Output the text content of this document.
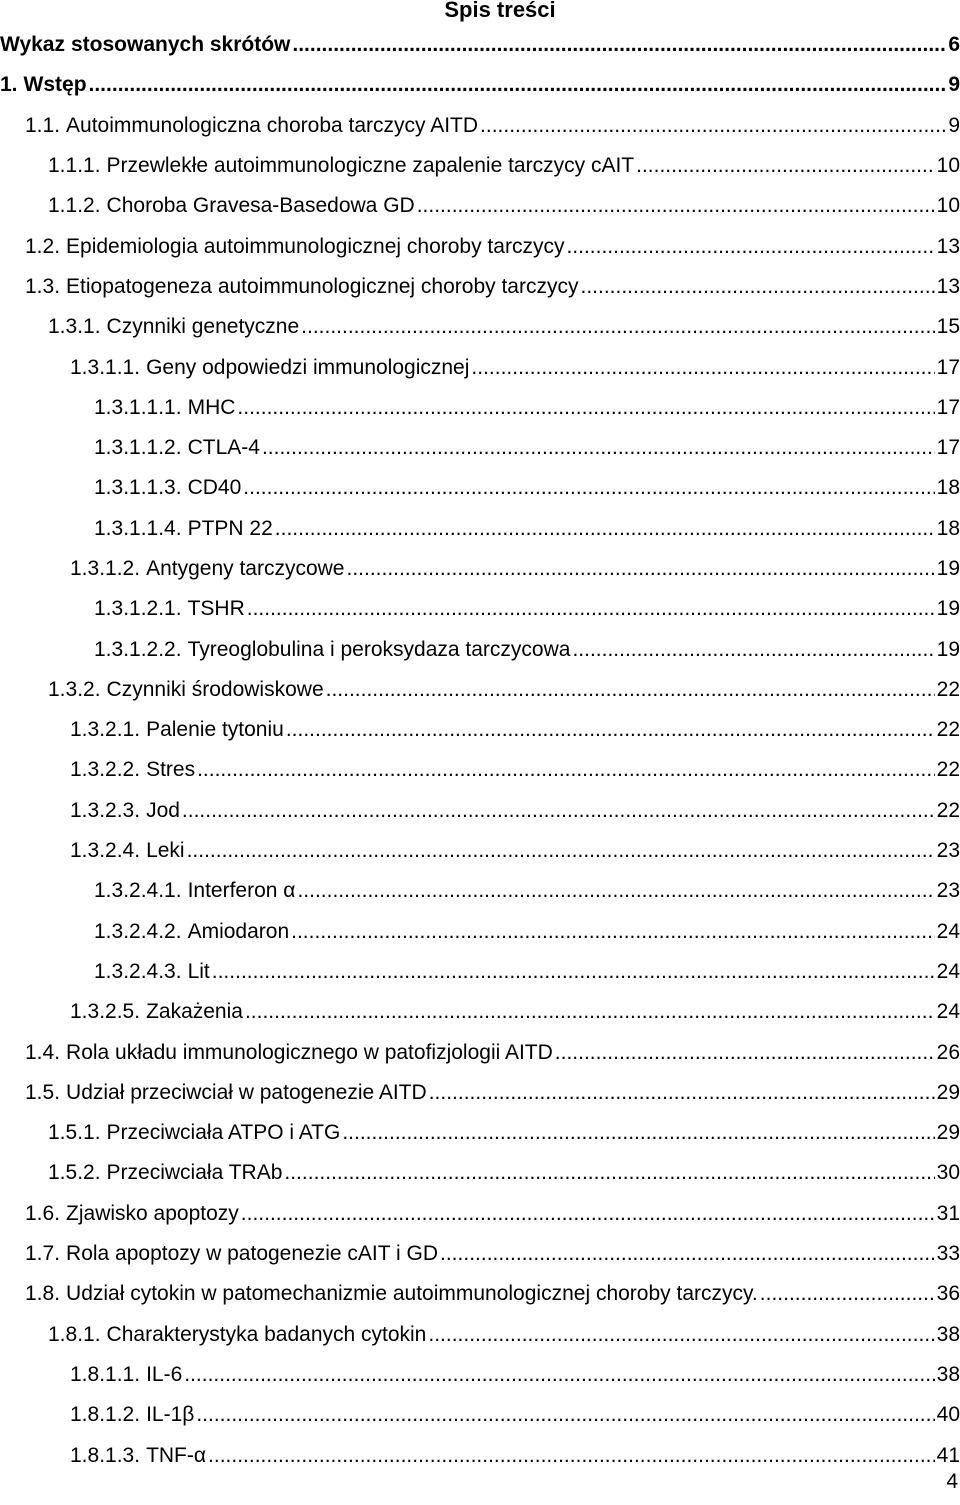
Spis treści
Wykaz stosowanych skrótów .....	6
1. Wstęp .....	9
1.1. Autoimmunologiczna choroba tarczycy AITD .....	9
1.1.1. Przewlekłe autoimmunologiczne zapalenie tarczycy cAIT .....	10
1.1.2. Choroba Gravesa-Basedowa GD .....	10
1.2. Epidemiologia autoimmunologicznej choroby tarczycy .....	13
1.3. Etiopatogeneza autoimmunologicznej choroby tarczycy .....	13
1.3.1. Czynniki genetyczne .....	15
1.3.1.1. Geny odpowiedzi immunologicznej .....	17
1.3.1.1.1. MHC .....	17
1.3.1.1.2. CTLA-4 .....	17
1.3.1.1.3. CD40 .....	18
1.3.1.1.4. PTPN 22 .....	18
1.3.1.2. Antygeny tarczycowe .....	19
1.3.1.2.1. TSHR .....	19
1.3.1.2.2. Tyreoglobulina i peroksydaza tarczycowa .....	19
1.3.2. Czynniki środowiskowe .....	22
1.3.2.1. Palenie tytoniu .....	22
1.3.2.2. Stres .....	22
1.3.2.3. Jod .....	22
1.3.2.4. Leki .....	23
1.3.2.4.1. Interferon α .....	23
1.3.2.4.2. Amiodaron .....	24
1.3.2.4.3. Lit .....	24
1.3.2.5. Zakażenia .....	24
1.4. Rola układu immunologicznego w patofizjologii AITD .....	26
1.5. Udział przeciwciał w patogenezie AITD .....	29
1.5.1. Przeciwciała ATPO i ATG .....	29
1.5.2. Przeciwciała TRAb .....	30
1.6. Zjawisko apoptozy .....	31
1.7. Rola apoptozy w patogenezie cAIT i GD .....	33
1.8. Udział cytokin w patomechanizmie autoimmunologicznej choroby tarczycy. .....	36
1.8.1. Charakterystyka badanych cytokin .....	38
1.8.1.1. IL-6 .....	38
1.8.1.2. IL-1β .....	40
1.8.1.3. TNF-α .....	41
4
